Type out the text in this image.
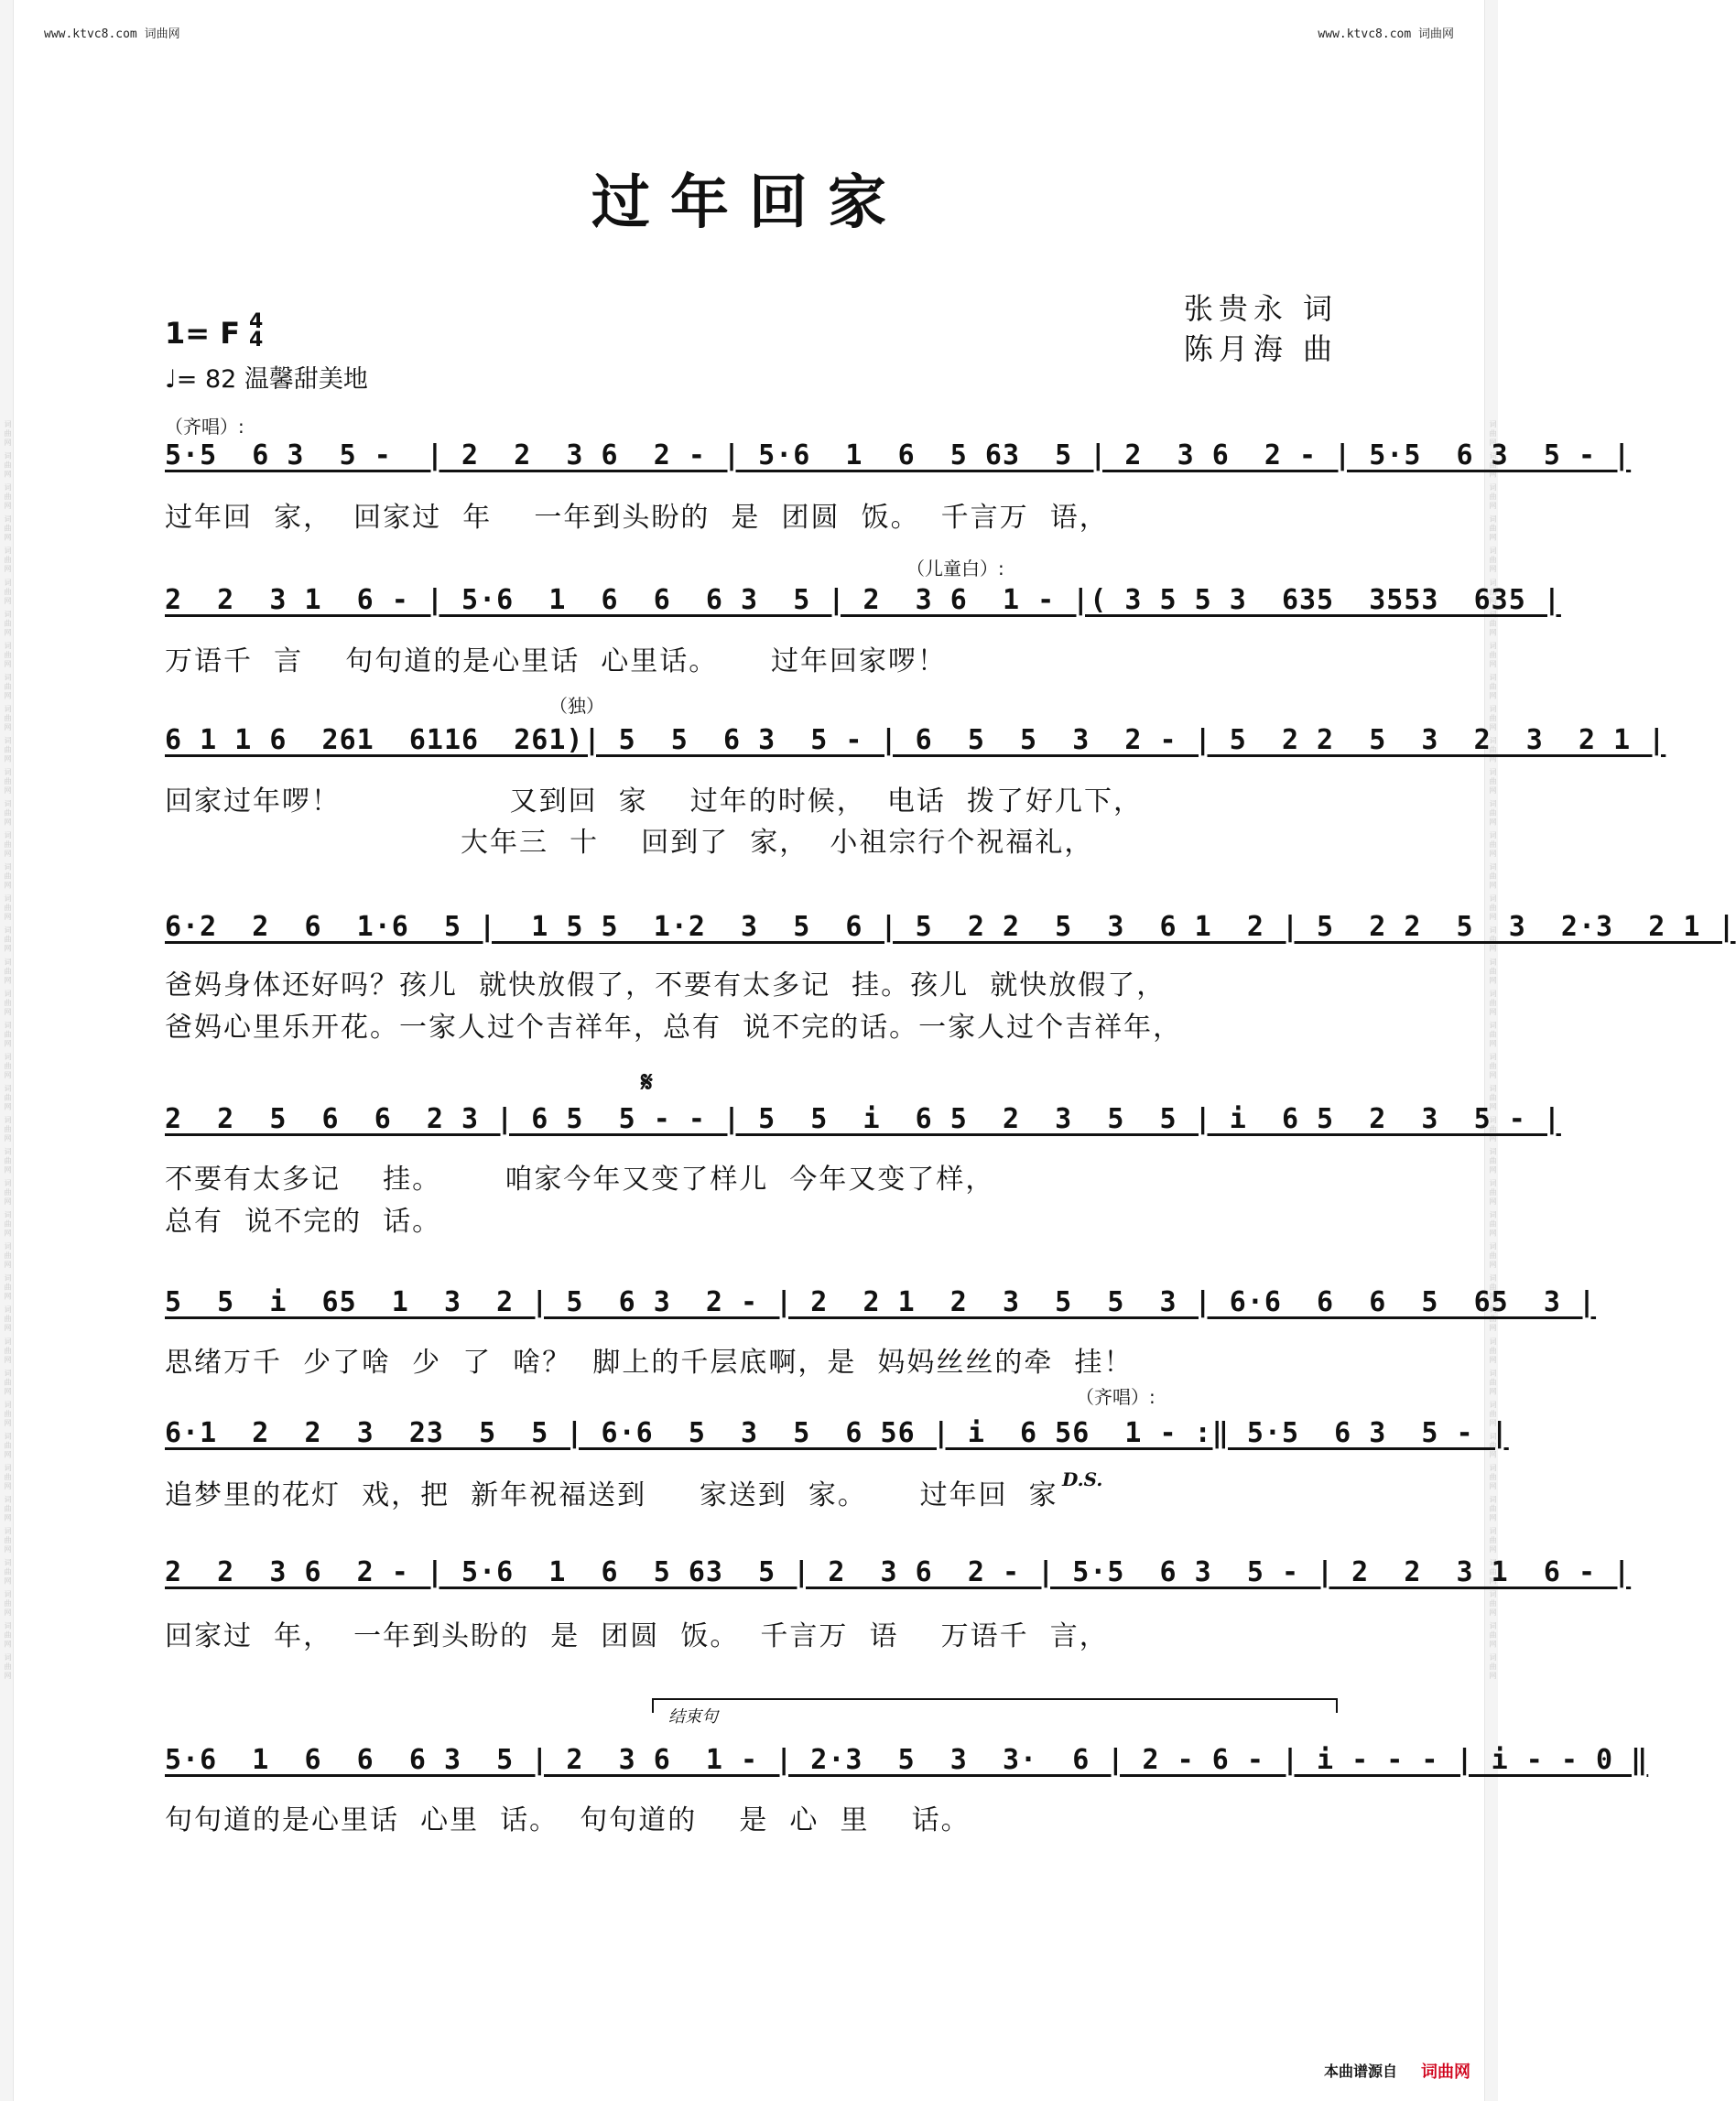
词曲网 词曲网 词曲网 词曲网 词曲网 词曲网 词曲网 词曲网 词曲网 词曲网 词曲网 词曲网 词曲网 词曲网 词曲网 词曲网 词曲网 词曲网 词曲网 词曲网 词曲网 词曲网 词曲网 词曲网 词曲网 词曲网 词曲网 词曲网 词曲网 词曲网 词曲网 词曲网 词曲网 词曲网 词曲网 词曲网 词曲网 词曲网 词曲网 词曲网	词曲网 词曲网 词曲网 词曲网 词曲网 词曲网 词曲网 词曲网 词曲网 词曲网 词曲网 词曲网 词曲网 词曲网 词曲网 词曲网 词曲网 词曲网 词曲网 词曲网 词曲网 词曲网 词曲网 词曲网 词曲网 词曲网 词曲网 词曲网 词曲网 词曲网 词曲网 词曲网 词曲网 词曲网 词曲网 词曲网 词曲网 词曲网 词曲网 词曲网
www.ktvc8.com 词曲网	www.ktvc8.com 词曲网
过年回家
张贵永 词
陈月海 曲
1= F 4
4
♩= 82 温馨甜美地
（齐唱）:
5·5  6 3  5 -  | 2  2  3 6  2 - | 5·6  1  6  5 63  5 | 2  3 6  2 - | 5·5  6 3  5 - |
过年回  家，  回家过  年    一年到头盼的  是  团圆  饭。  千言万  语，
（儿童白）:
2  2  3 1  6 - | 5·6  1  6  6  6 3  5 | 2  3 6  1 - |( 3 5 5 3  635  3553  635 |
万语千  言    句句道的是心里话  心里话。     过年回家啰！
（独）
6 1 1 6  261  6116  261)| 5  5  6 3  5 - | 6  5  5  3  2 - | 5  2 2  5  3  2  3  2 1 |
回家过年啰！                又到回  家    过年的时候，  电话  拨了好几下，
大年三  十    回到了  家，  小祖宗行个祝福礼，
6·2  2  6  1·6  5 |  1 5 5  1·2  3  5  6 | 5  2 2  5  3  6 1  2 | 5  2 2  5  3  2·3  2 1 |
爸妈身体还好吗？孩儿  就快放假了，不要有太多记  挂。孩儿  就快放假了，
爸妈心里乐开花。一家人过个吉祥年，总有  说不完的话。一家人过个吉祥年，
𝄋
2  2  5  6  6  2 3 | 6 5  5 - - | 5  5  i  6 5  2  3  5  5 | i  6 5  2  3  5 - |
不要有太多记    挂。      咱家今年又变了样儿  今年又变了样，
总有  说不完的  话。
5  5  i  65  1  3  2 | 5  6 3  2 - | 2  2 1  2  3  5  5  3 | 6·6  6  6  5  65  3 |
思绪万千  少了啥  少  了  啥？  脚上的千层底啊，是  妈妈丝丝的牵  挂！
（齐唱）:
6·1  2  2  3  23  5  5 | 6·6  5  3  5  6 56 | i  6 56  1 - :‖ 5·5  6 3  5 - |
D.S.
追梦里的花灯  戏，把  新年祝福送到     家送到  家。     过年回  家
2  2  3 6  2 - | 5·6  1  6  5 63  5 | 2  3 6  2 - | 5·5  6 3  5 - | 2  2  3 1  6 - |
回家过  年，  一年到头盼的  是  团圆  饭。  千言万  语    万语千  言，
结束句
5·6  1  6  6  6 3  5 | 2  3 6  1 - | 2·3  5  3  3·  6 | 2 - 6 - | i - - - | i - - 0 ‖
句句道的是心里话  心里  话。  句句道的    是  心  里    话。
本曲谱源自 词曲网
